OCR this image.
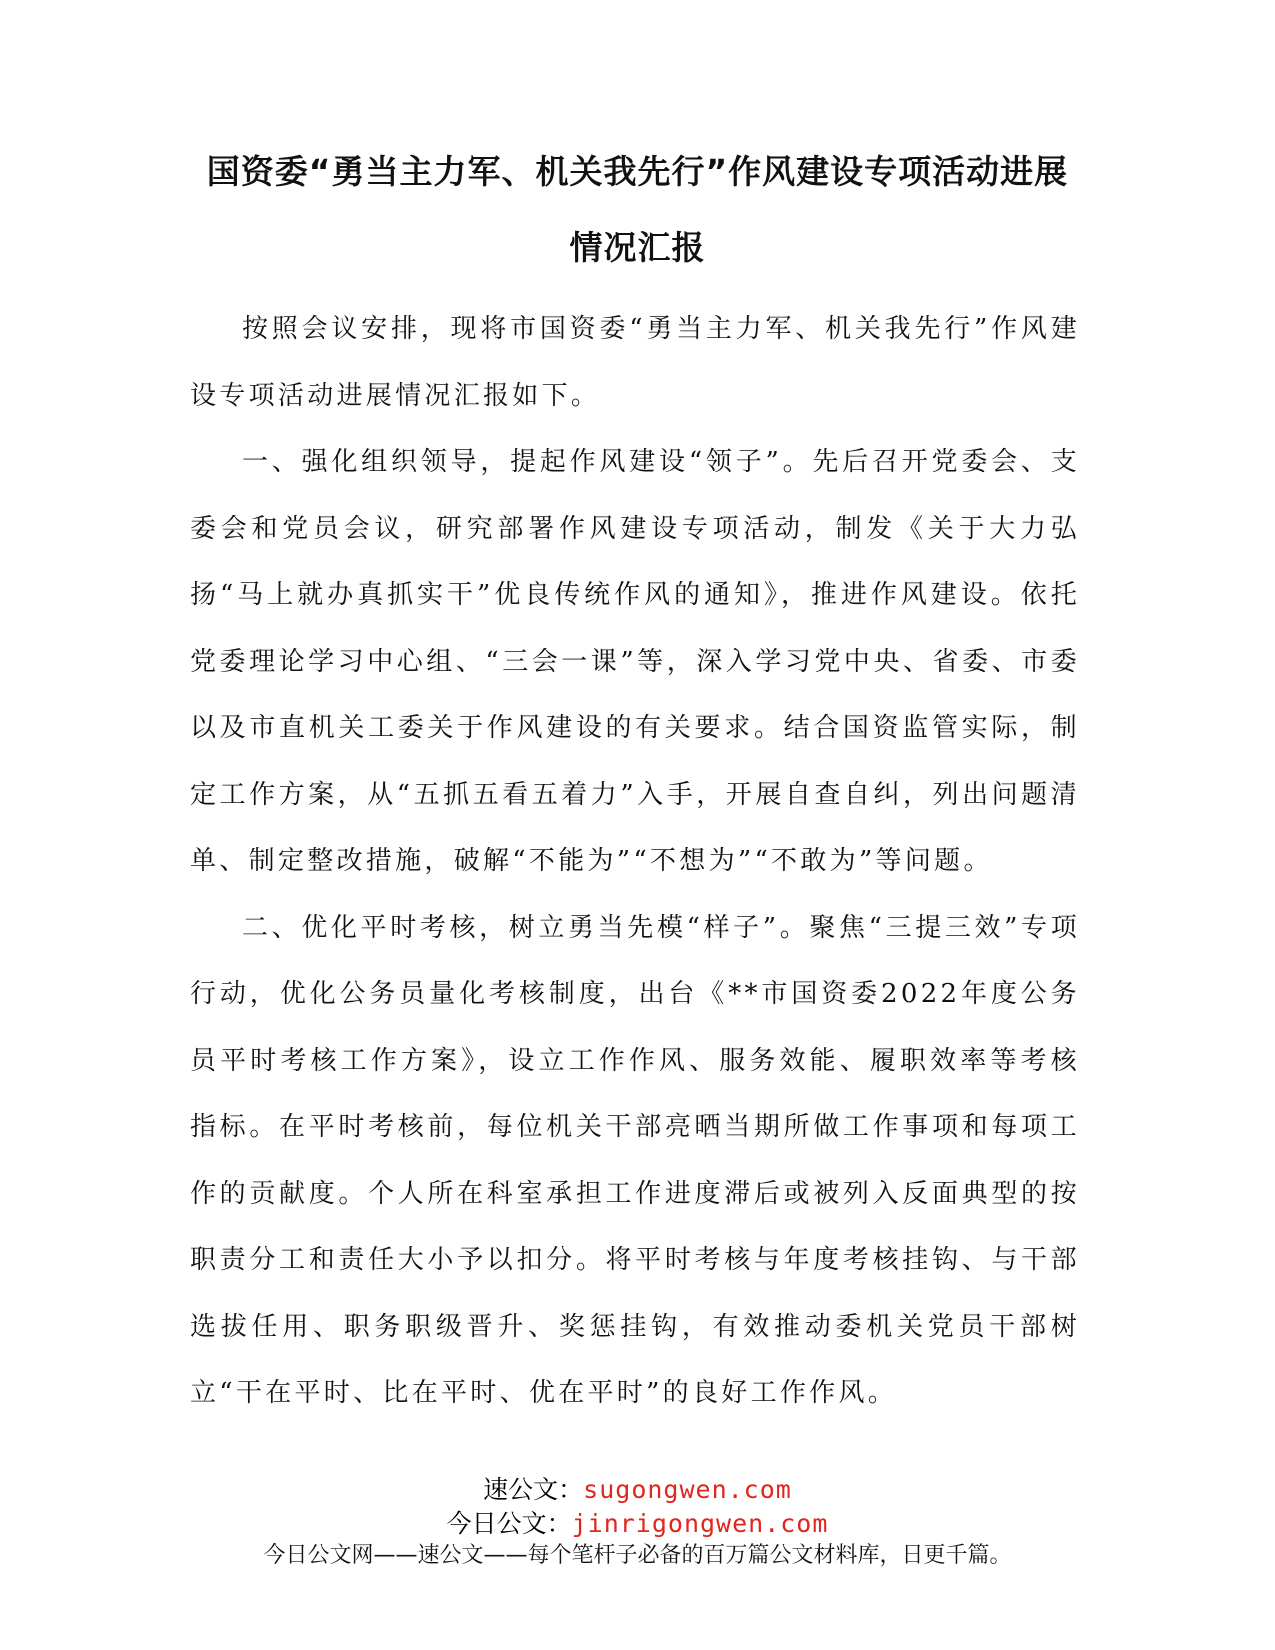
国资委“勇当主力军、机关我先行”作风建设专项活动进展
情况汇报

按照会议安排，现将市国资委“勇当主力军、机关我先行”作风建设专项活动进展情况汇报如下。

一、强化组织领导，提起作风建设“领子”。先后召开党委会、支委会和党员会议，研究部署作风建设专项活动，制发《关于大力弘扬“马上就办真抓实干”优良传统作风的通知》，推进作风建设。依托党委理论学习中心组、“三会一课”等，深入学习党中央、省委、市委以及市直机关工委关于作风建设的有关要求。结合国资监管实际，制定工作方案，从“五抓五看五着力”入手，开展自查自纠，列出问题清单、制定整改措施，破解“不能为”“不想为”“不敢为”等问题。

二、优化平时考核，树立勇当先模“样子”。聚焦“三提三效”专项行动，优化公务员量化考核制度，出台《**市国资委2022年度公务员平时考核工作方案》，设立工作作风、服务效能、履职效率等考核指标。在平时考核前，每位机关干部亮晒当期所做工作事项和每项工作的贡献度。个人所在科室承担工作进度滞后或被列入反面典型的按职责分工和责任大小予以扣分。将平时考核与年度考核挂钩、与干部选拔任用、职务职级晋升、奖惩挂钩，有效推动委机关党员干部树立“干在平时、比在平时、优在平时”的良好工作作风。

速公文：sugongwen.com
今日公文：jinrigongwen.com
今日公文网——速公文——每个笔杆子必备的百万篇公文材料库，日更千篇。
